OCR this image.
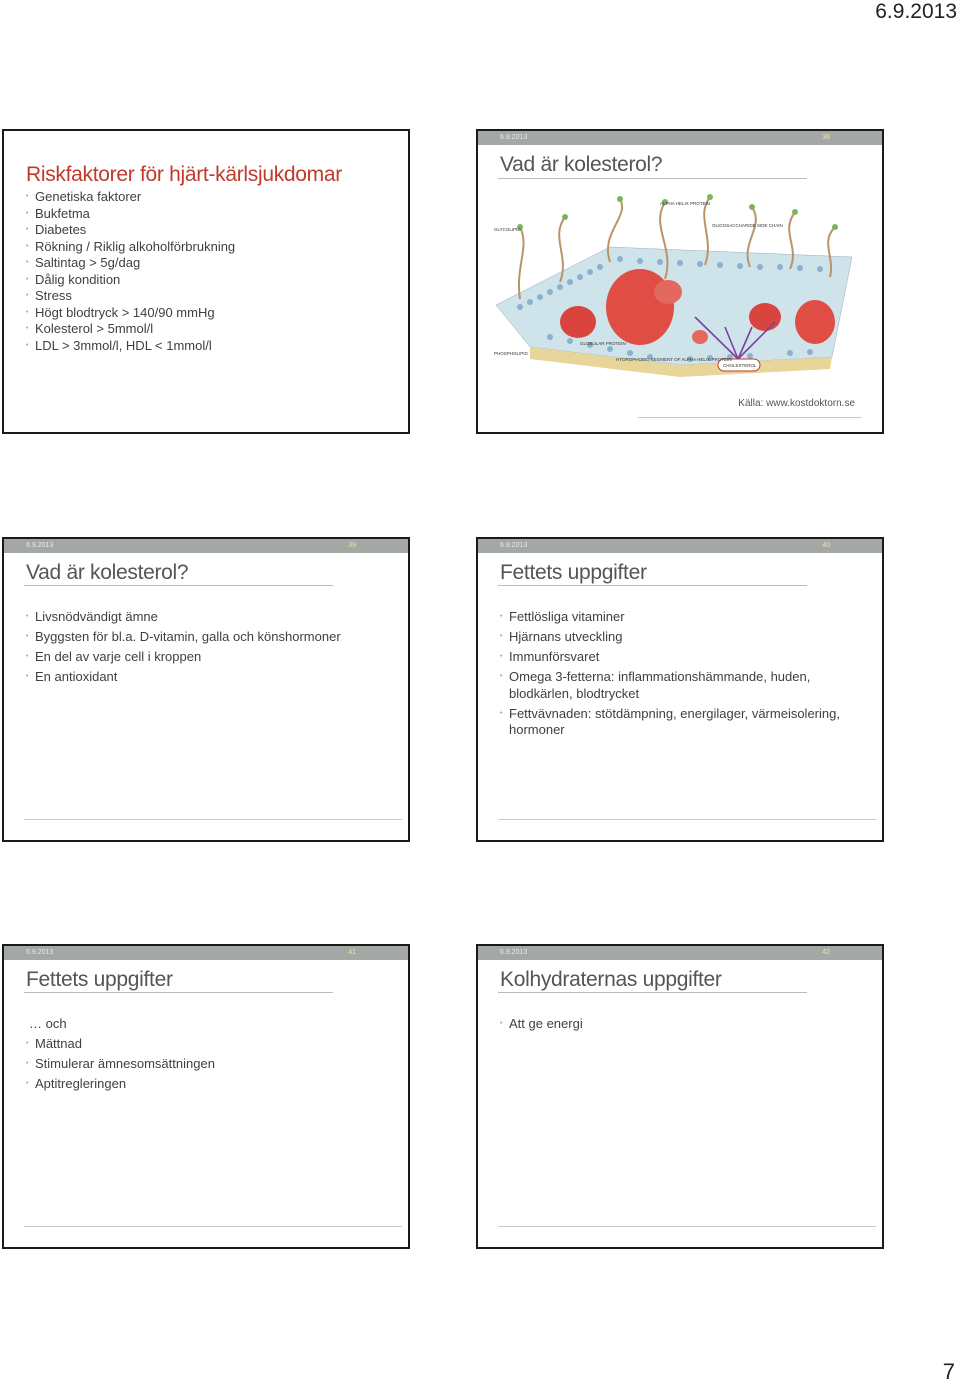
6.9.2013
Riskfaktorer för hjärt-kärlsjukdomar
• Genetiska faktorer
• Bukfetma
• Diabetes
• Rökning / Riklig alkoholförbrukning
• Saltintag > 5g/dag
• Dålig kondition
• Stress
• Högt blodtryck > 140/90 mmHg
• Kolesterol > 5mmol/l
• LDL > 3mmol/l, HDL < 1mmol/l
6.9.2013	38
Vad är kolesterol?
GLYCOLIPID
ALPHA HELIX PROTEIN
OLIGOSACCHARIDE SIDE CHAIN
PHOSPHOLIPID
GLOBULAR PROTEIN
HYDROPHOBIC SEGMENT OF ALPHA HELIX PROTEIN
CHOLESTEROL
Källa: www.kostdoktorn.se
6.9.2013	39
Vad är kolesterol?
• Livsnödvändigt ämne
• Byggsten för bl.a. D-vitamin, galla och könshormoner
• En del av varje cell i kroppen
• En antioxidant
6.9.2013	40
Fettets uppgifter
• Fettlösliga vitaminer
• Hjärnans utveckling
• Immunförsvaret
• Omega 3-fetterna: inflammationshämmande, huden, blodkärlen, blodtrycket
• Fettvävnaden: stötdämpning, energilager, värmeisolering, hormoner
6.9.2013	41
Fettets uppgifter
… och
• Mättnad
• Stimulerar ämnesomsättningen
• Aptitregleringen
6.9.2013	42
Kolhydraternas uppgifter
• Att ge energi
7
